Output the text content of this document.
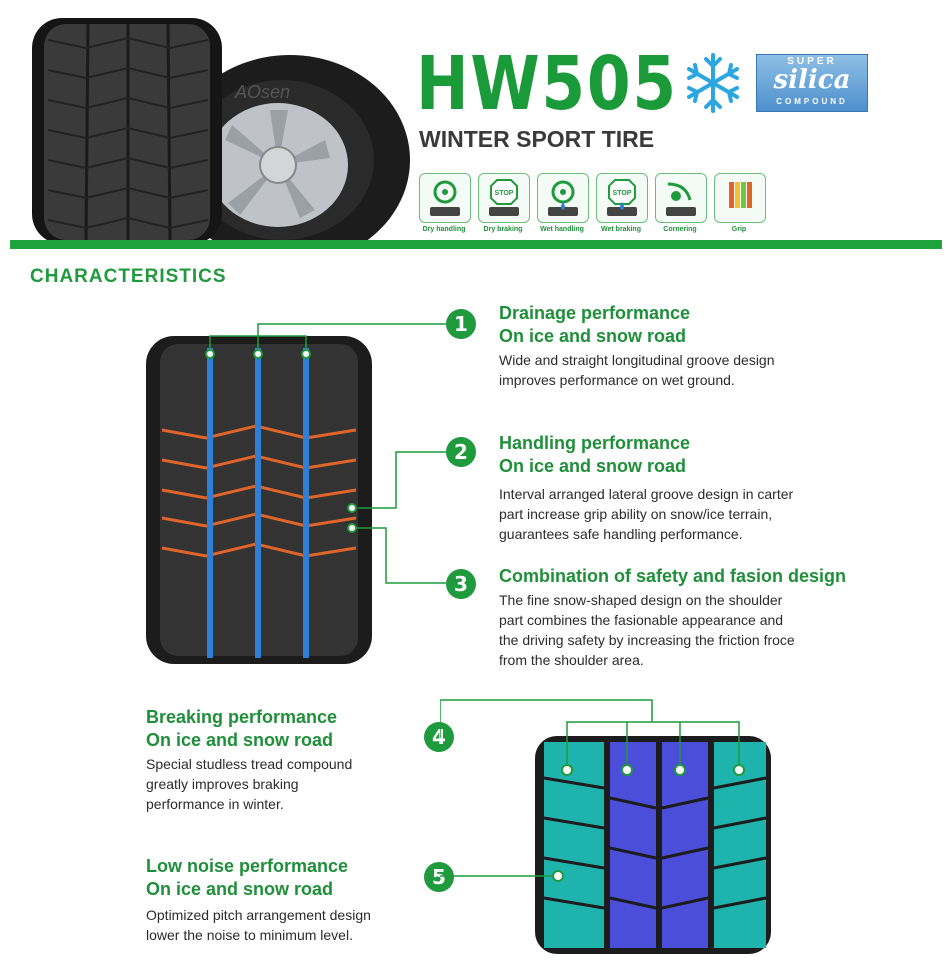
AOsen HW505
WINTER SPORT TIRE
SUPER
silica
COMPOUND
Dry handling
STOP
Dry braking	Wet handling
STOP
Wet braking	Cornering	Grip
CHARACTERISTICS
1	Drainage performance
On ice and snow road
Wide and straight longitudinal groove design
improves performance on wet ground.
2	Handling performance
On ice and snow road
Interval arranged lateral groove design in carter
part increase grip ability on snow/ice terrain,
guarantees safe handling performance.
3	Combination of safety and fasion design
The fine snow-shaped design on the shoulder
part combines the fasionable appearance and
the driving safety by increasing the friction froce
from the shoulder area.
Breaking performance
On ice and snow road
Special studless tread compound
greatly improves braking
performance in winter.
Low noise performance
On ice and snow road
Optimized pitch arrangement design
lower the noise to minimum level.
4
5
